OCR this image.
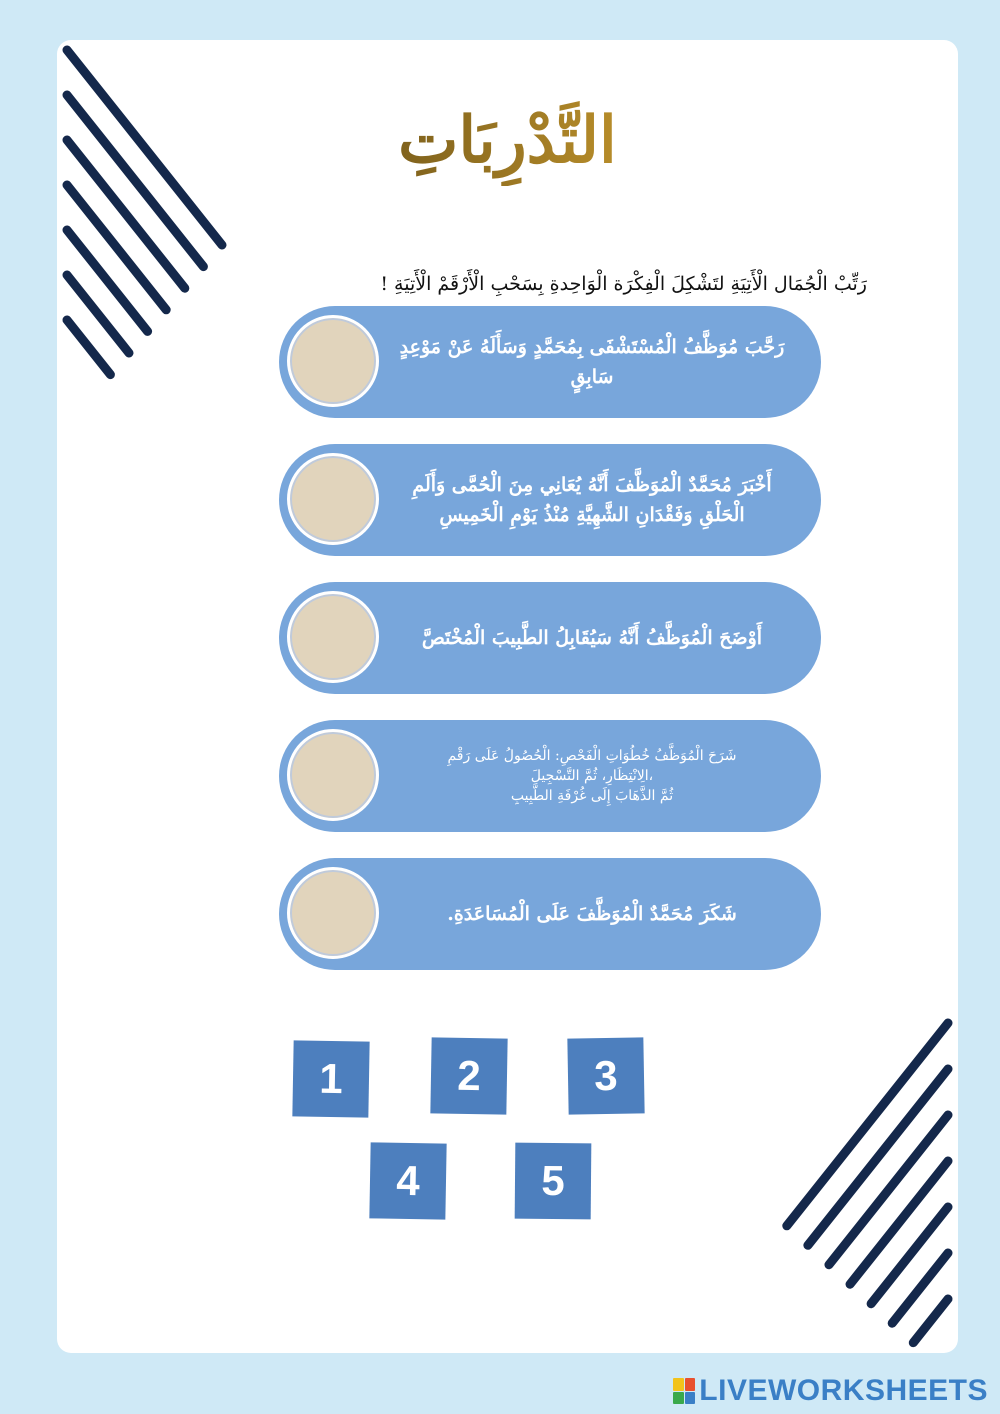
التَّدْرِبَاتِ
رَتِّبْ الْجُمَال الْأَتِيَةِ لتَشْكِلَ الْفِكْرَة الْوَاحِدةِ بِسَحْبِ الْأَرْقَمْ الْأَتِيَةِ !
رَحَّبَ مُوَظَّفُ الْمُسْتَشْفَى بِمُحَمَّدٍ وَسَأَلَهُ عَنْ مَوْعِدٍ سَابِقٍ
أَخْبَرَ مُحَمَّدٌ الْمُوَظَّفَ أَنَّهُ يُعَانِي مِنَ الْحُمَّى وَأَلَمِ الْحَلْقِ وَفَقْدَانِ الشَّهِيَّةِ مُنْذُ يَوْمِ الْخَمِيسِ
أَوْضَحَ الْمُوَظَّفُ أَنَّهُ سَيُقَابِلُ الطَّبِيبَ الْمُخْتَصَّ
شَرَحَ الْمُوَظَّفُ خُطُوَاتِ الْفَحْصِ: الْحُصُولُ عَلَى رَقْمِ
،الِانْتِظَارِ، ثُمَّ التَّسْجِيلَ
ثُمَّ الذَّهَابَ إِلَى غُرْفَةِ الطَّبِيبِ
شَكَرَ مُحَمَّدٌ الْمُوَظَّفَ عَلَى الْمُسَاعَدَةِ.
1	2	3
4	5
LIVEWORKSHEETS
